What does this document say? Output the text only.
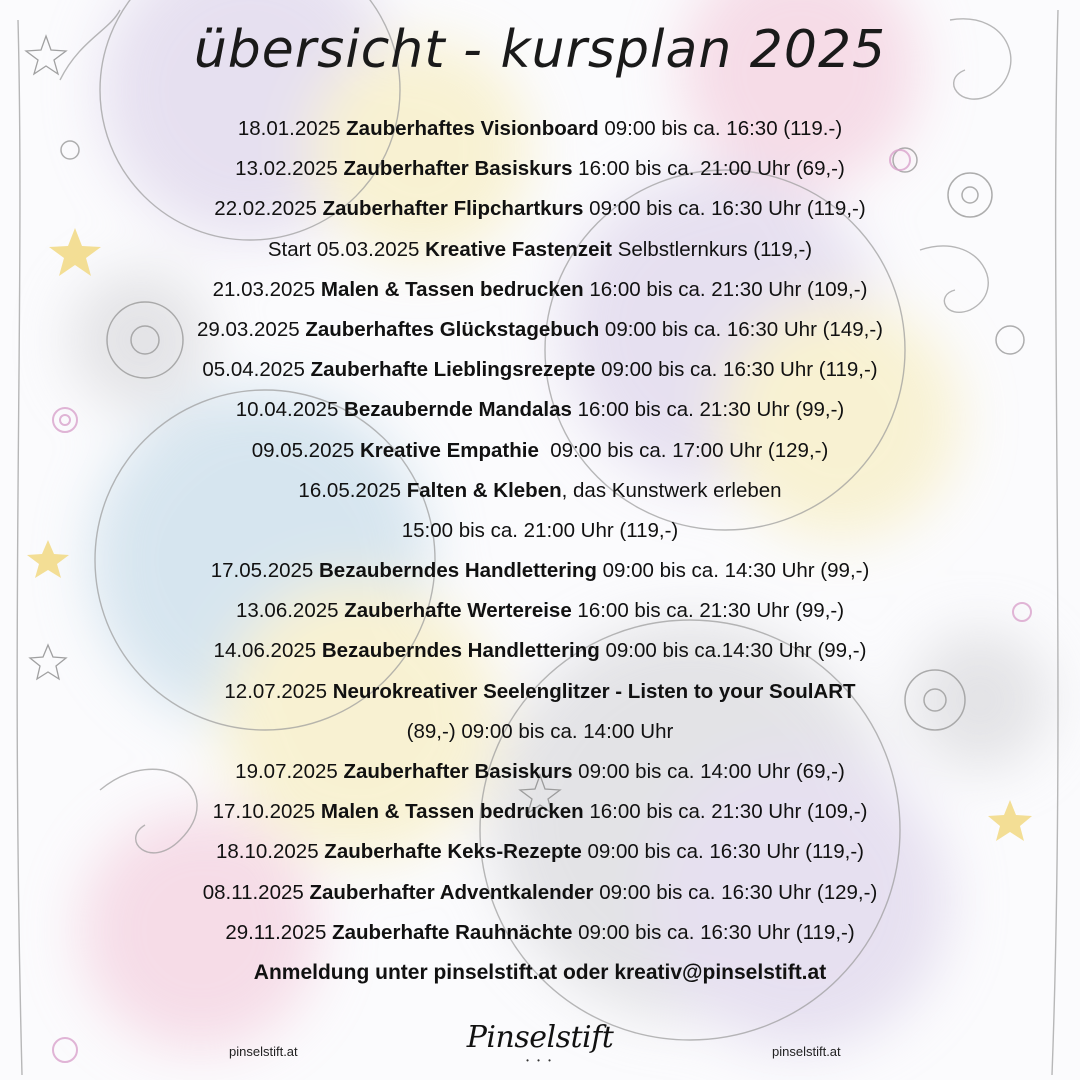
übersicht - kursplan 2025
18.01.2025 Zauberhaftes Visionboard 09:00 bis ca. 16:30 (119.-)
13.02.2025 Zauberhafter Basiskurs 16:00 bis ca. 21:00 Uhr (69,-)
22.02.2025 Zauberhafter Flipchartkurs 09:00 bis ca. 16:30 Uhr (119,-)
Start 05.03.2025 Kreative Fastenzeit Selbstlernkurs (119,-)
21.03.2025 Malen & Tassen bedrucken 16:00 bis ca. 21:30 Uhr (109,-)
29.03.2025 Zauberhaftes Glückstagebuch 09:00 bis ca. 16:30 Uhr (149,-)
05.04.2025 Zauberhafte Lieblingsrezepte 09:00 bis ca. 16:30 Uhr (119,-)
10.04.2025 Bezaubernde Mandalas 16:00 bis ca. 21:30 Uhr (99,-)
09.05.2025 Kreative Empathie  09:00 bis ca. 17:00 Uhr (129,-)
16.05.2025 Falten & Kleben, das Kunstwerk erleben
15:00 bis ca. 21:00 Uhr (119,-)
17.05.2025 Bezauberndes Handlettering 09:00 bis ca. 14:30 Uhr (99,-)
13.06.2025 Zauberhafte Wertereise 16:00 bis ca. 21:30 Uhr (99,-)
14.06.2025 Bezauberndes Handlettering 09:00 bis ca.14:30 Uhr (99,-)
12.07.2025 Neurokreativer Seelenglitzer - Listen to your SoulART
(89,-) 09:00 bis ca. 14:00 Uhr
19.07.2025 Zauberhafter Basiskurs 09:00 bis ca. 14:00 Uhr (69,-)
17.10.2025 Malen & Tassen bedrucken 16:00 bis ca. 21:30 Uhr (109,-)
18.10.2025 Zauberhafte Keks-Rezepte 09:00 bis ca. 16:30 Uhr (119,-)
08.11.2025 Zauberhafter Adventkalender 09:00 bis ca. 16:30 Uhr (129,-)
29.11.2025 Zauberhafte Rauhnächte 09:00 bis ca. 16:30 Uhr (119,-)
Anmeldung unter pinselstift.at oder kreativ@pinselstift.at
pinselstift.at	Pinselstift
• • •
pinselstift.at
